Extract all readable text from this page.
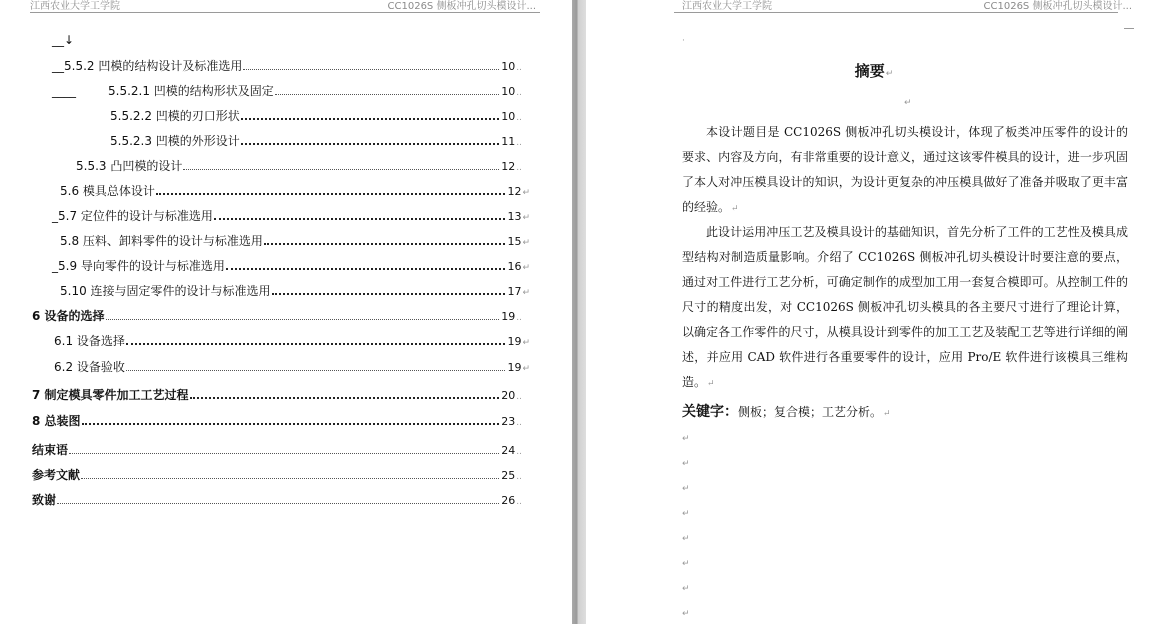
江西农业大学工学院	CC1026S 侧板冲孔切头模设计...
__↓
__5.5.2 凹模的结构设计及标准选用	10 ..
____	5.5.2.1 凹模的结构形状及固定	10 ..
5.5.2.2 凹模的刃口形状	10 ..
5.5.2.3 凹模的外形设计	11 ..
5.5.3 凸凹模的设计	12 ..
5.6 模具总体设计	12 ↵
_5.7 定位件的设计与标准选用	13 ↵
5.8 压料、卸料零件的设计与标准选用	15 ↵
_5.9 导向零件的设计与标准选用	16 ↵
5.10 连接与固定零件的设计与标准选用	17 ↵
6 设备的选择	19 ..
6.1 设备选择	19 ↵
6.2 设备验收	19 ↵
7 制定模具零件加工工艺过程	20 ..
8 总装图	23 ..
结束语	24 ..
参考文献	25 ..
致谢	26 ..
江西农业大学工学院	CC1026S 侧板冲孔切头模设计...
·
摘要↵
↵
本设计题目是 CC1026S 侧板冲孔切头模设计，体现了板类冲压零件的设计的要求、内容及方向，有非常重要的设计意义，通过这该零件模具的设计，进一步巩固了本人对冲压模具设计的知识，为设计更复杂的冲压模具做好了准备并吸取了更丰富的经验。↵
此设计运用冲压工艺及模具设计的基础知识，首先分析了工件的工艺性及模具成型结构对制造质量影响。介绍了 CC1026S 侧板冲孔切头模设计时要注意的要点，通过对工件进行工艺分析，可确定制作的成型加工用一套复合模即可。从控制工件的尺寸的精度出发，对 CC1026S 侧板冲孔切头模具的各主要尺寸进行了理论计算，以确定各工作零件的尺寸，从模具设计到零件的加工工艺及装配工艺等进行详细的阐述，并应用 CAD 软件进行各重要零件的设计，应用 Pro/E 软件进行该模具三维构造。↵
关键字：侧板；复合模；工艺分析。↵
↵
↵
↵
↵
↵
↵
↵
↵
